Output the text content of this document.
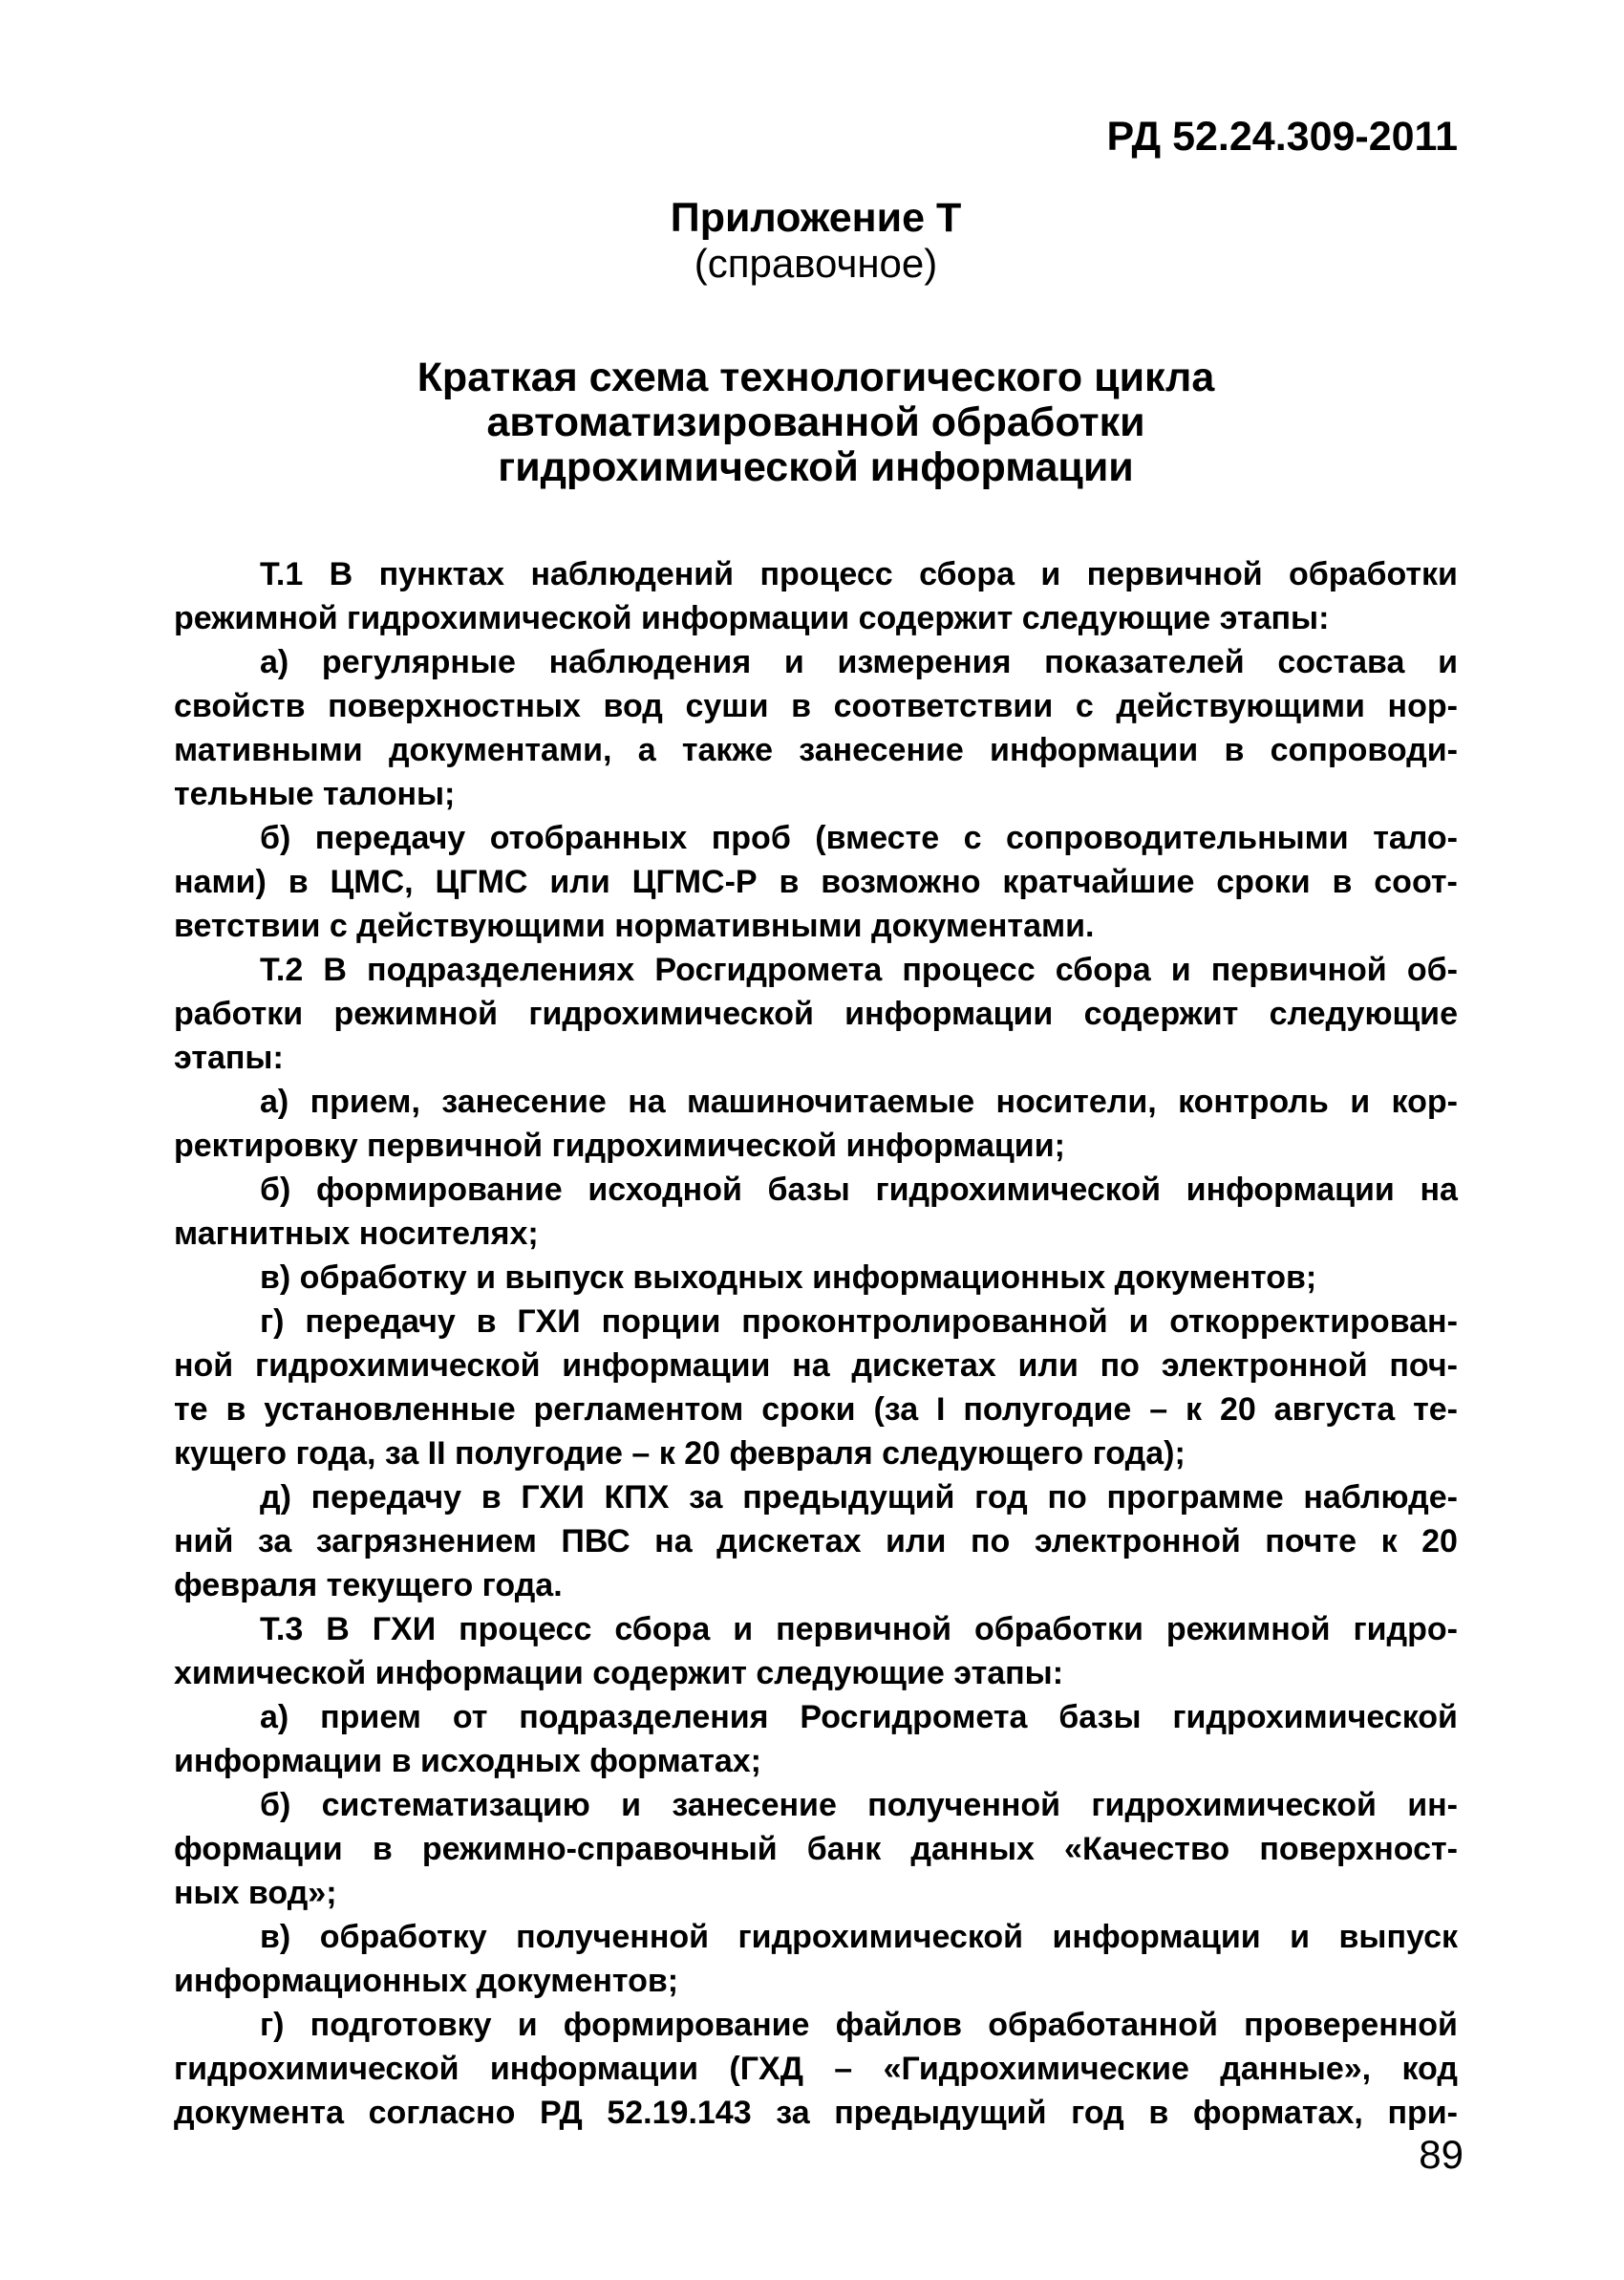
РД 52.24.309-2011
Приложение Т
(справочное)
Краткая схема технологического цикла
автоматизированной обработки
гидрохимической информации
Т.1 В пунктах наблюдений процесс сбора и первичной обработки
режимной гидрохимической информации содержит следующие этапы:
а) регулярные наблюдения и измерения показателей состава и
свойств поверхностных вод суши в соответствии с действующими нор-
мативными документами, а также занесение информации в сопроводи-
тельные талоны;
б) передачу отобранных проб (вместе с сопроводительными тало-
нами) в ЦМС, ЦГМС или ЦГМС-Р в возможно кратчайшие сроки в соот-
ветствии с действующими нормативными документами.
Т.2 В подразделениях Росгидромета процесс сбора и первичной об-
работки режимной гидрохимической информации содержит следующие
этапы:
а) прием, занесение на машиночитаемые носители, контроль и кор-
ректировку первичной гидрохимической информации;
б) формирование исходной базы гидрохимической информации на
магнитных носителях;
в) обработку и выпуск выходных информационных документов;
г) передачу в ГХИ порции проконтролированной и откорректирован-
ной гидрохимической информации на дискетах или по электронной поч-
те в установленные регламентом сроки (за I полугодие – к 20 августа те-
кущего года, за II полугодие – к 20 февраля следующего года);
д) передачу в ГХИ КПХ за предыдущий год по программе наблюде-
ний за загрязнением ПВС на дискетах или по электронной почте к 20
февраля текущего года.
Т.3 В ГХИ процесс сбора и первичной обработки режимной гидро-
химической информации содержит следующие этапы:
а) прием от подразделения Росгидромета базы гидрохимической
информации в исходных форматах;
б) систематизацию и занесение полученной гидрохимической ин-
формации в режимно-справочный банк данных «Качество поверхност-
ных вод»;
в) обработку полученной гидрохимической информации и выпуск
информационных документов;
г) подготовку и формирование файлов обработанной проверенной
гидрохимической информации (ГХД – «Гидрохимические данные», код
документа согласно РД 52.19.143 за предыдущий год в форматах, при-
89
